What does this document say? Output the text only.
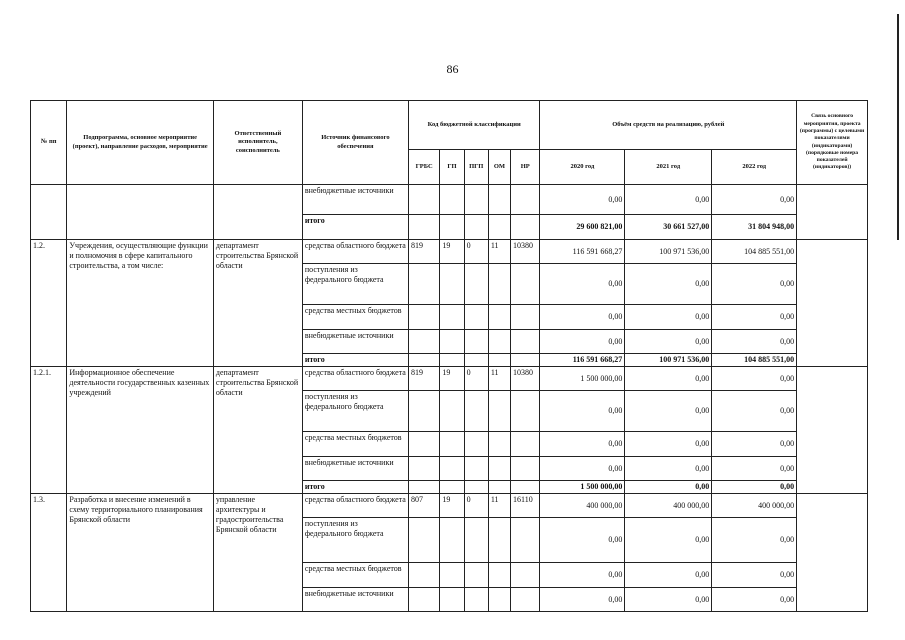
86
№ пп	Подпрограмма, основное мероприятие (проект), направление расходов, мероприятие	Ответственный исполнитель, соисполнитель	Источник финансового обеспечения	Код бюджетной классификации					Объём средств на реализацию, рублей			Связь основного мероприятия, проекта (программы) с целевыми показателями (индикаторами) (порядковые номера показателей (индикаторов))
				ГРБС	ГП	ПГП	ОМ	НР	2020 год	2021 год	2022 год	
			внебюджетные источники						0,00	0,00	0,00	
			итого						29 600 821,00	30 661 527,00	31 804 948,00	
1.2.	Учреждения, осуществляющие функции и полномочия в сфере капитального строительства, а том числе:	департамент строительства Брянской области	средства областного бюджета	819	19	0	11	10380	116 591 668,27	100 971 536,00	104 885 551,00	
			поступления из федерального бюджета						0,00	0,00	0,00	
			средства местных бюджетов						0,00	0,00	0,00	
			внебюджетные источники						0,00	0,00	0,00	
			итого						116 591 668,27	100 971 536,00	104 885 551,00	
1.2.1.	Информационное обеспечение деятельности государственных казенных учреждений	департамент строительства Брянской области	средства областного бюджета	819	19	0	11	10380	1 500 000,00	0,00	0,00	
			поступления из федерального бюджета						0,00	0,00	0,00	
			средства местных бюджетов						0,00	0,00	0,00	
			внебюджетные источники						0,00	0,00	0,00	
			итого						1 500 000,00	0,00	0,00	
1.3.	Разработка и внесение изменений в схему территориального планирования Брянской области	управление архитектуры и градостроительства Брянской области	средства областного бюджета	807	19	0	11	16110	400 000,00	400 000,00	400 000,00	
			поступления из федерального бюджета						0,00	0,00	0,00	
			средства местных бюджетов						0,00	0,00	0,00	
			внебюджетные источники						0,00	0,00	0,00	
